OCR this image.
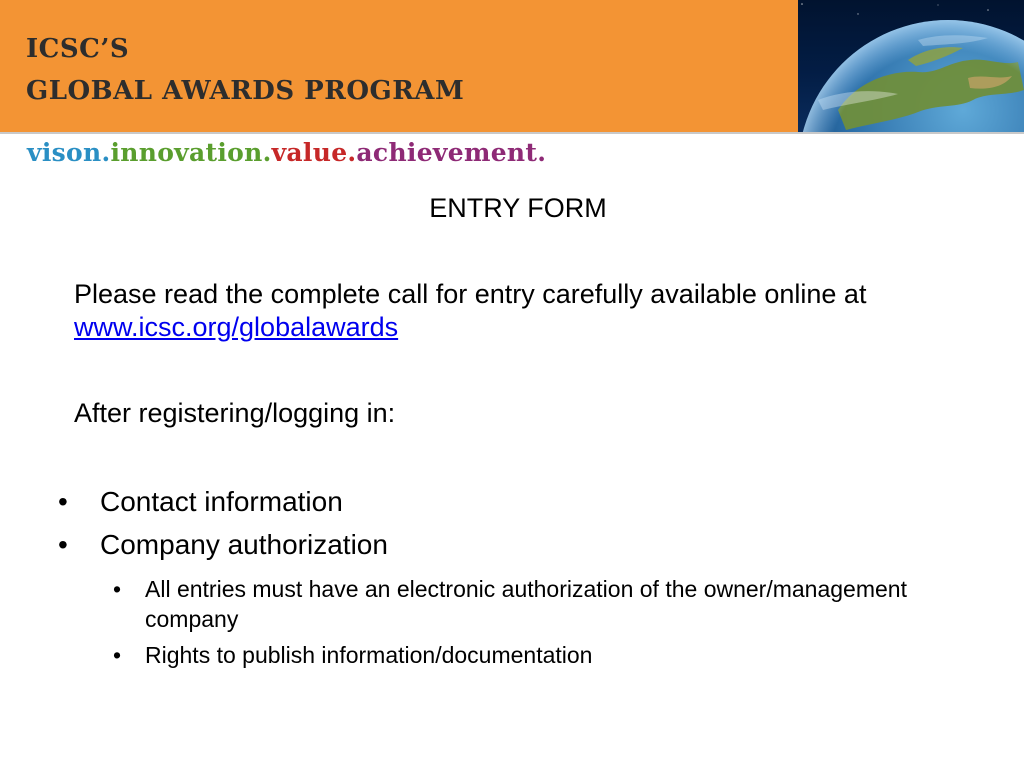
ICSC’S
GLOBAL AWARDS PROGRAM
vison.innovation.value.achievement.
ENTRY FORM
Please read the complete call for entry carefully available online at www.icsc.org/globalawards
After registering/logging in:
• Contact information
• Company authorization
• All entries must have an electronic authorization of the owner/management company
• Rights to publish information/documentation
